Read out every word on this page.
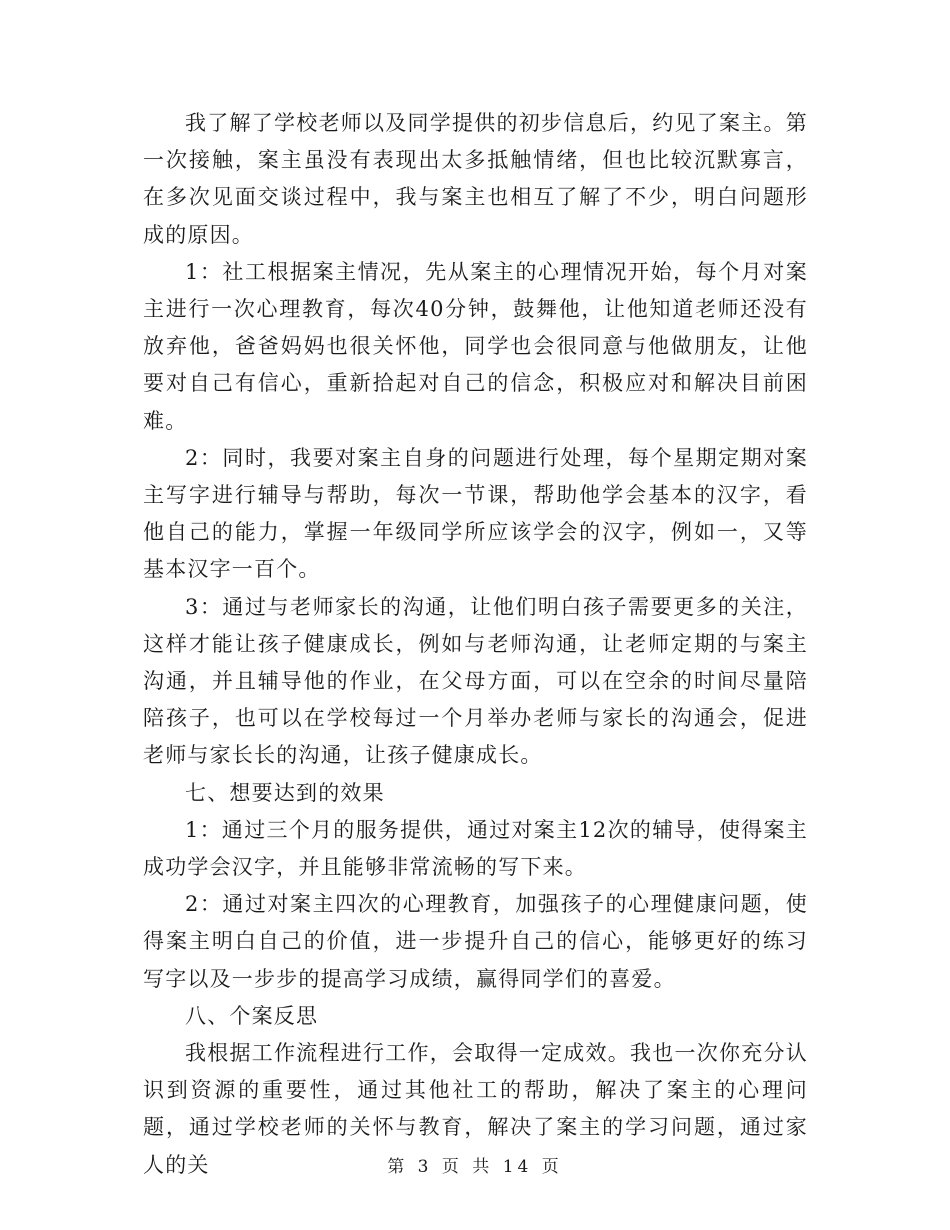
我了解了学校老师以及同学提供的初步信息后，约见了案主。第一次接触，案主虽没有表现出太多抵触情绪，但也比较沉默寡言，在多次见面交谈过程中，我与案主也相互了解了不少，明白问题形成的原因。

1：社工根据案主情况，先从案主的心理情况开始，每个月对案主进行一次心理教育，每次40分钟，鼓舞他，让他知道老师还没有放弃他，爸爸妈妈也很关怀他，同学也会很同意与他做朋友，让他要对自己有信心，重新拾起对自己的信念，积极应对和解决目前困难。

2：同时，我要对案主自身的问题进行处理，每个星期定期对案主写字进行辅导与帮助，每次一节课，帮助他学会基本的汉字，看他自己的能力，掌握一年级同学所应该学会的汉字，例如一，又等基本汉字一百个。

3：通过与老师家长的沟通，让他们明白孩子需要更多的关注，这样才能让孩子健康成长，例如与老师沟通，让老师定期的与案主沟通，并且辅导他的作业，在父母方面，可以在空余的时间尽量陪陪孩子，也可以在学校每过一个月举办老师与家长的沟通会，促进老师与家长长的沟通，让孩子健康成长。

七、想要达到的效果

1：通过三个月的服务提供，通过对案主12次的辅导，使得案主成功学会汉字，并且能够非常流畅的写下来。

2：通过对案主四次的心理教育，加强孩子的心理健康问题，使得案主明白自己的价值，进一步提升自己的信心，能够更好的练习写字以及一步步的提高学习成绩，赢得同学们的喜爱。

八、个案反思

我根据工作流程进行工作，会取得一定成效。我也一次你充分认识到资源的重要性，通过其他社工的帮助，解决了案主的心理问题，通过学校老师的关怀与教育，解决了案主的学习问题，通过家人的关	第 3 页 共 14 页
